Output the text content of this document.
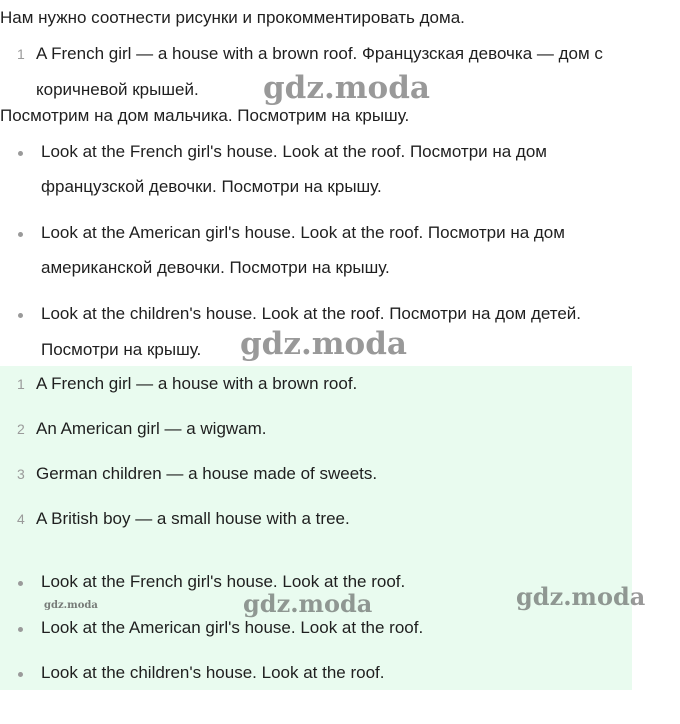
Нам нужно соотнести рисунки и прокомментировать дома.
1 A French girl — a house with a brown roof. Французская девочка — дом с
коричневой крышей.
Посмотрим на дом мальчика. Посмотрим на крышу.
Look at the French girl's house. Look at the roof. Посмотри на дом
французской девочки. Посмотри на крышу.
Look at the American girl's house. Look at the roof. Посмотри на дом
американской девочки. Посмотри на крышу.
Look at the children's house. Look at the roof. Посмотри на дом детей.
Посмотри на крышу.
1 A French girl — a house with a brown roof.
2 An American girl — a wigwam.
3 German children — a house made of sweets.
4 A British boy — a small house with a tree.
Look at the French girl's house. Look at the roof.
Look at the American girl's house. Look at the roof.
Look at the children's house. Look at the roof.
gdz.moda
gdz.moda
gdz.moda	gdz.moda
gdz.moda
